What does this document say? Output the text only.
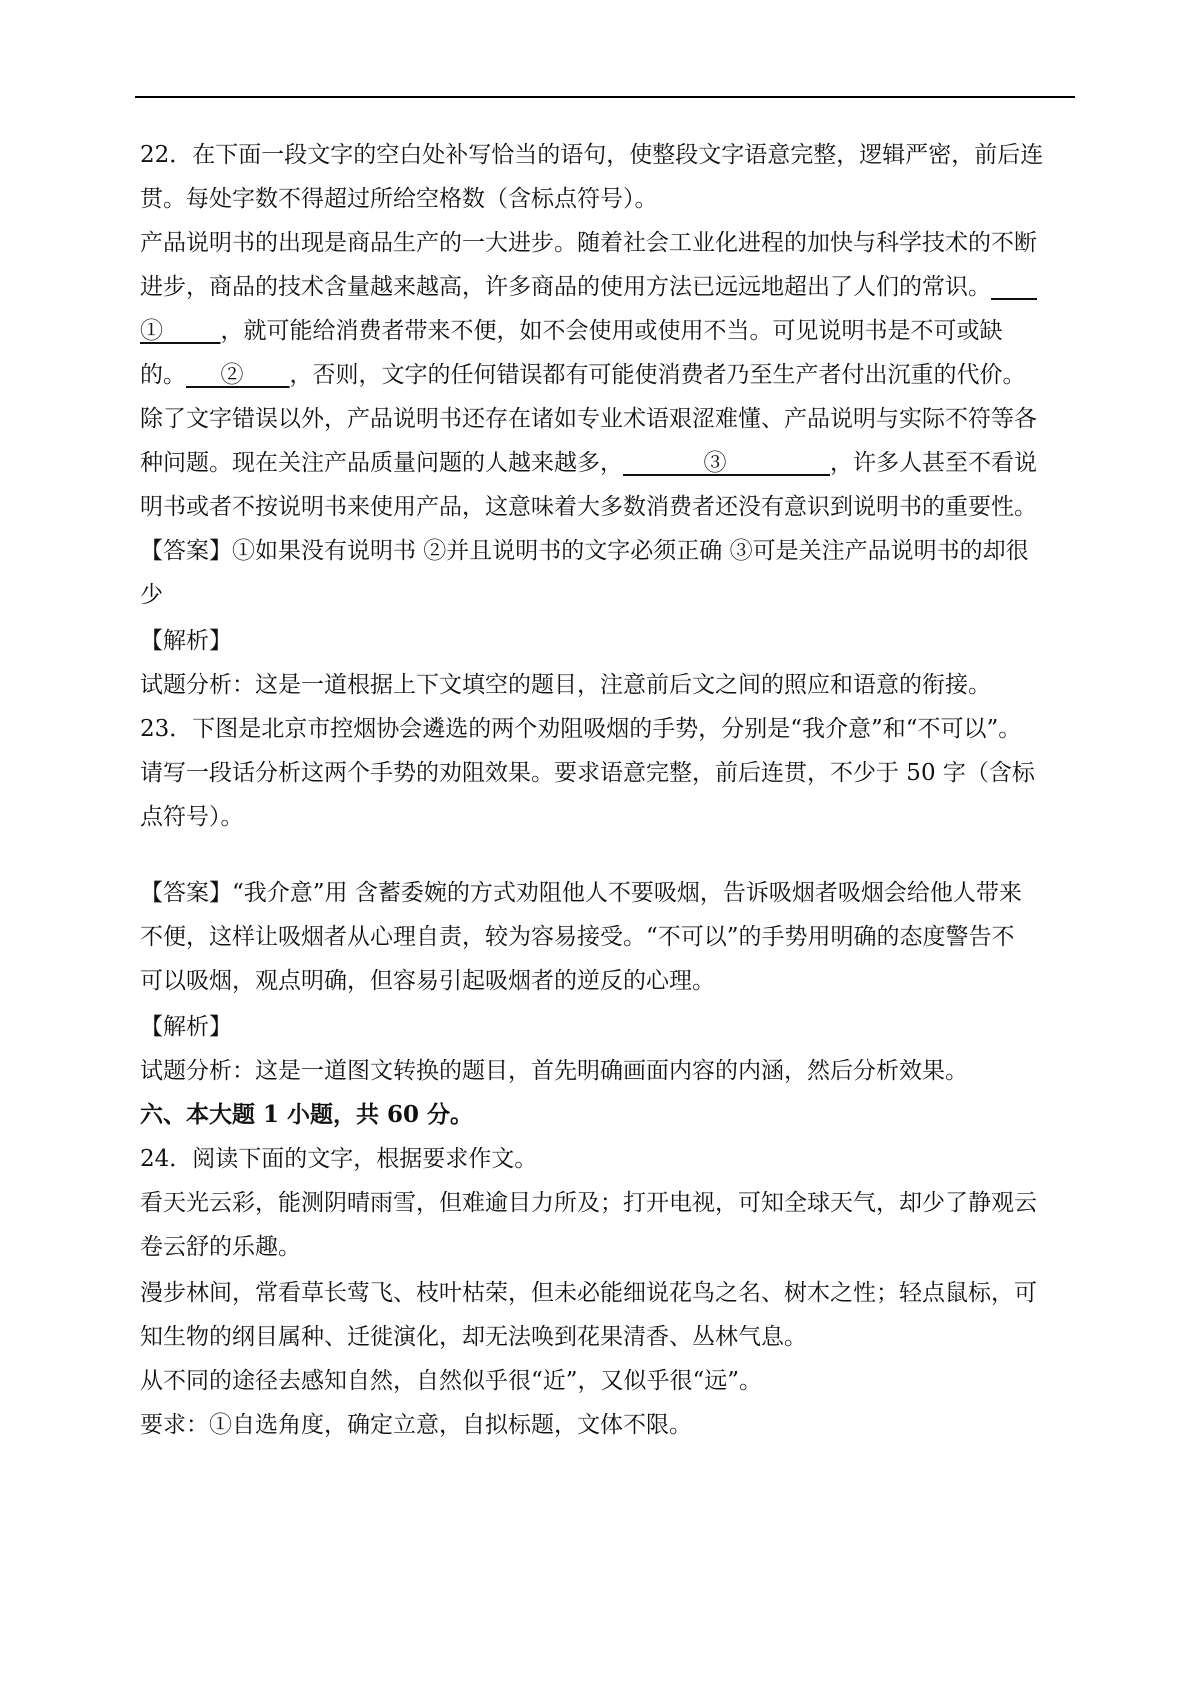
22．在下面一段文字的空白处补写恰当的语句，使整段文字语意完整，逻辑严密，前后连
贯。每处字数不得超过所给空格数（含标点符号）。
产品说明书的出现是商品生产的一大进步。随着社会工业化进程的加快与科学技术的不断
进步，商品的技术含量越来越高，许多商品的使用方法已远远地超出了人们的常识。____
①_____，就可能给消费者带来不便，如不会使用或使用不当。可见说明书是不可或缺
的。___②____，否则，文字的任何错误都有可能使消费者乃至生产者付出沉重的代价。
除了文字错误以外，产品说明书还存在诸如专业术语艰涩难懂、产品说明与实际不符等各
种问题。现在关注产品质量问题的人越来越多，_______③_________，许多人甚至不看说
明书或者不按说明书来使用产品，这意味着大多数消费者还没有意识到说明书的重要性。
【答案】①如果没有说明书 ②并且说明书的文字必须正确 ③可是关注产品说明书的却很
少
【解析】
试题分析：这是一道根据上下文填空的题目，注意前后文之间的照应和语意的衔接。
23．下图是北京市控烟协会遴选的两个劝阻吸烟的手势，分别是“我介意”和“不可以”。
请写一段话分析这两个手势的劝阻效果。要求语意完整，前后连贯，不少于 50 字（含标
点符号）。
【答案】“我介意”用 含蓄委婉的方式劝阻他人不要吸烟，告诉吸烟者吸烟会给他人带来
不便，这样让吸烟者从心理自责，较为容易接受。“不可以”的手势用明确的态度警告不
可以吸烟，观点明确，但容易引起吸烟者的逆反的心理。
【解析】
试题分析：这是一道图文转换的题目，首先明确画面内容的内涵，然后分析效果。
六、本大题 1 小题，共 60 分。
24．阅读下面的文字，根据要求作文。
看天光云彩，能测阴晴雨雪，但难逾目力所及；打开电视，可知全球天气，却少了静观云
卷云舒的乐趣。
漫步林间，常看草长莺飞、枝叶枯荣，但未必能细说花鸟之名、树木之性；轻点鼠标，可
知生物的纲目属种、迁徙演化，却无法唤到花果清香、丛林气息。
从不同的途径去感知自然，自然似乎很“近”，又似乎很“远”。
要求：①自选角度，确定立意，自拟标题，文体不限。
